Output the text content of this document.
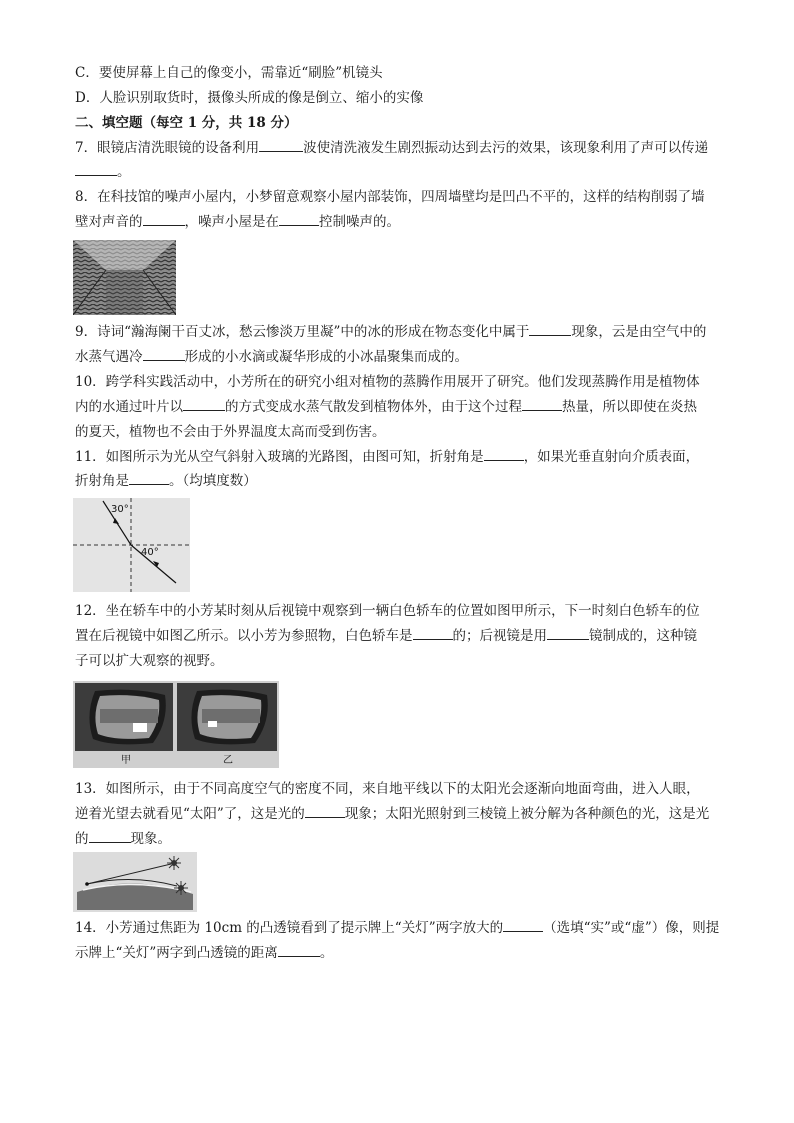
C．要使屏幕上自己的像变小，需靠近“刷脸”机镜头
D．人脸识别取货时，摄像头所成的像是倒立、缩小的实像
二、填空题（每空 1 分，共 18 分）
7．眼镜店清洗眼镜的设备利用	波使清洗液发生剧烈振动达到去污的效果，该现象利用了声可以传递
。
8．在科技馆的噪声小屋内，小梦留意观察小屋内部装饰，四周墙壁均是凹凸不平的，这样的结构削弱了墙
壁对声音的	，噪声小屋是在	控制噪声的。
9．诗词“瀚海阑干百丈冰，愁云惨淡万里凝”中的冰的形成在物态变化中属于	现象，云是由空气中的
水蒸气遇冷	形成的小水滴或凝华形成的小冰晶聚集而成的。
10．跨学科实践活动中，小芳所在的研究小组对植物的蒸腾作用展开了研究。他们发现蒸腾作用是植物体
内的水通过叶片以	的方式变成水蒸气散发到植物体外，由于这个过程	热量，所以即使在炎热
的夏天，植物也不会由于外界温度太高而受到伤害。
11．如图所示为光从空气斜射入玻璃的光路图，由图可知，折射角是	，如果光垂直射向介质表面，
折射角是	。（均填度数）
30°
40°
12．坐在轿车中的小芳某时刻从后视镜中观察到一辆白色轿车的位置如图甲所示，下一时刻白色轿车的位
置在后视镜中如图乙所示。以小芳为参照物，白色轿车是	的；后视镜是用	镜制成的，这种镜
子可以扩大观察的视野。
甲	乙
13．如图所示，由于不同高度空气的密度不同，来自地平线以下的太阳光会逐渐向地面弯曲，进入人眼，
逆着光望去就看见“太阳”了，这是光的	现象；太阳光照射到三棱镜上被分解为各种颜色的光，这是光
的	现象。
14．小芳通过焦距为 10cm 的凸透镜看到了提示牌上“关灯”两字放大的	（选填“实”或“虚”）像，则提
示牌上“关灯”两字到凸透镜的距离	。
